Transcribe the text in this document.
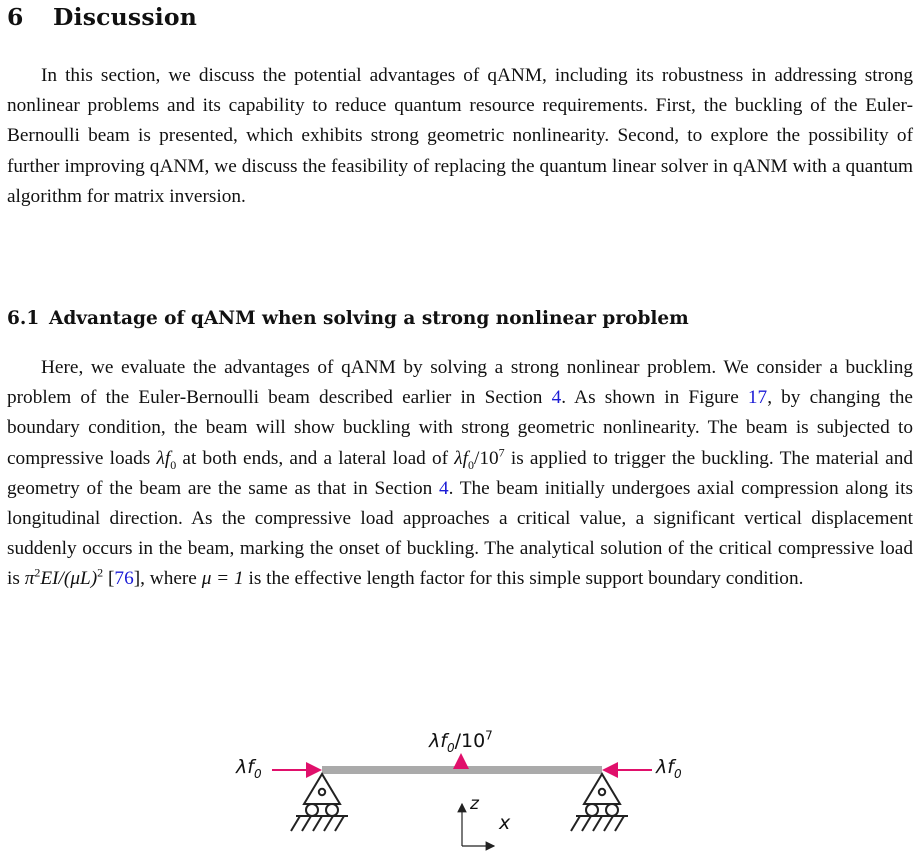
6 Discussion

In this section, we discuss the potential advantages of qANM, including its robustness in addressing strong nonlinear problems and its capability to reduce quantum resource requirements. First, the buckling of the Euler-Bernoulli beam is presented, which exhibits strong geometric nonlinearity. Second, to explore the possibility of further improving qANM, we discuss the feasibility of replacing the quantum linear solver in qANM with a quantum algorithm for matrix inversion.

6.1 Advantage of qANM when solving a strong nonlinear problem

Here, we evaluate the advantages of qANM by solving a strong nonlinear problem. We consider a buckling problem of the Euler-Bernoulli beam described earlier in Section 4. As shown in Figure 17, by changing the boundary condition, the beam will show buckling with strong geometric nonlinearity. The beam is subjected to compressive loads $\lambda f_0$ at both ends, and a lateral load of $\lambda f_0/10^7$ is applied to trigger the buckling. The material and geometry of the beam are the same as that in Section 4. The beam initially undergoes axial compression along its longitudinal direction. As the compressive load approaches a critical value, a significant vertical displacement suddenly occurs in the beam, marking the onset of buckling. The analytical solution of the critical compressive load is $\pi^2EI/(\mu L)^2$ [76], where μ = 1 is the effective length factor for this simple support boundary condition.

$\lambda f_0/10^7$
$\lambda f_0$	$\lambda f_0$
z
x
